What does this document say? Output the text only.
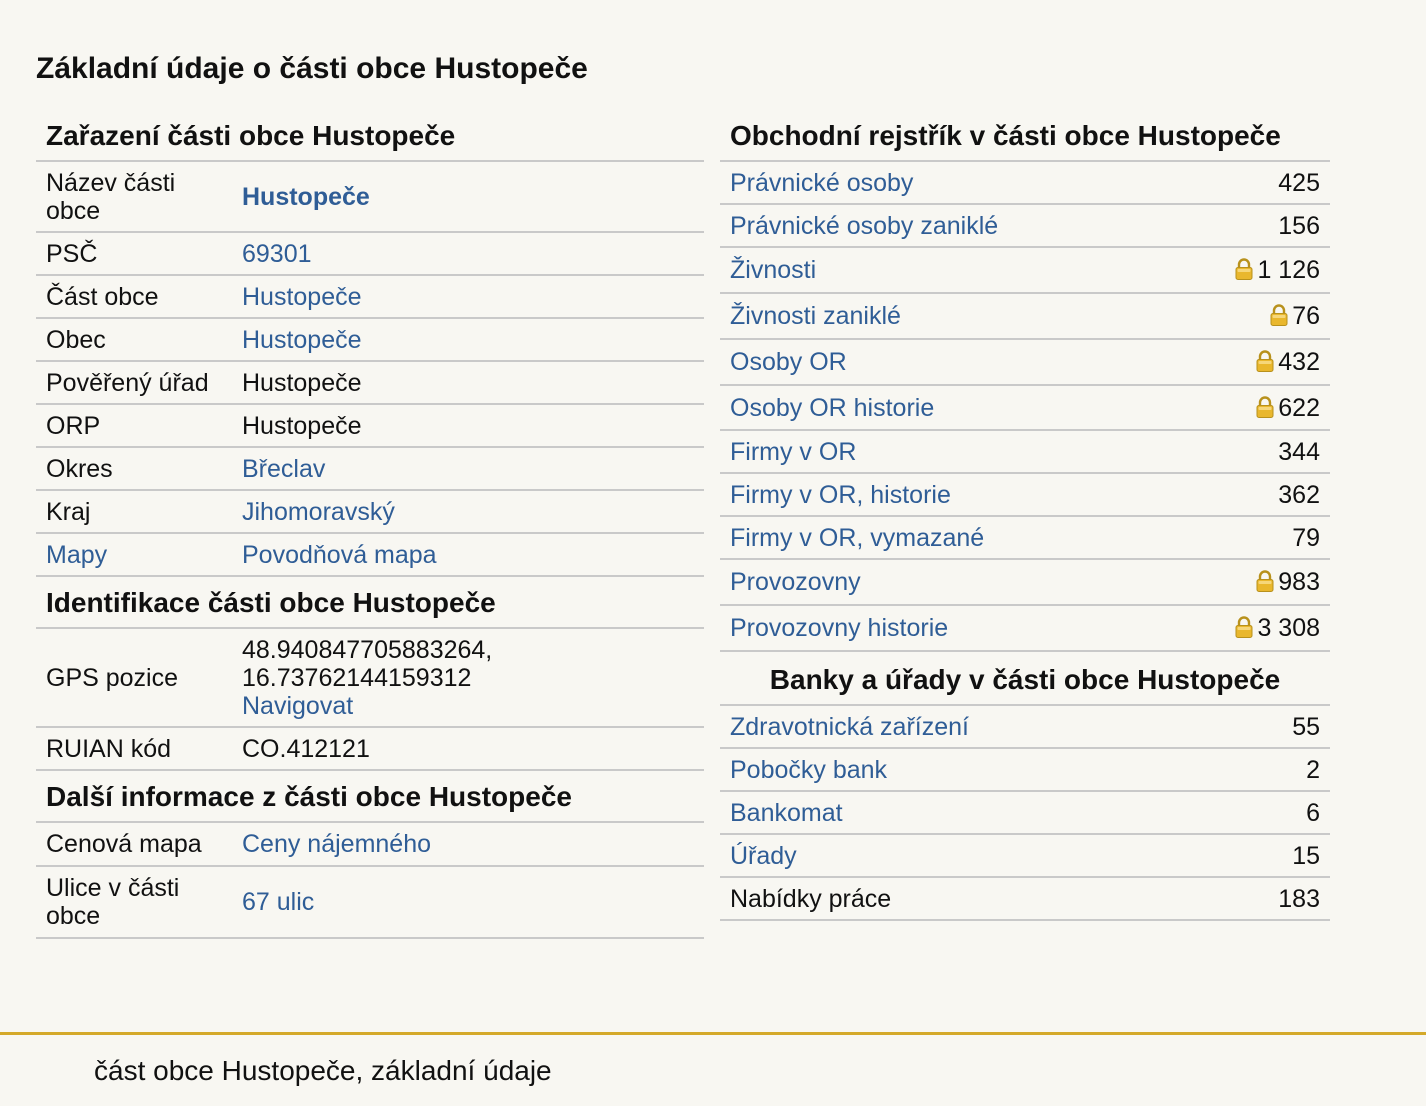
Základní údaje o části obce Hustopeče
Zařazení části obce Hustopeče
Název části obce	Hustopeče
PSČ	69301
Část obce	Hustopeče
Obec	Hustopeče
Pověřený úřad	Hustopeče
ORP	Hustopeče
Okres	Břeclav
Kraj	Jihomoravský
Mapy	Povodňová mapa
Identifikace části obce Hustopeče
GPS pozice	48.940847705883264,
16.73762144159312
Navigovat
RUIAN kód	CO.412121
Další informace z části obce Hustopeče
Cenová mapa	Ceny nájemného
Ulice v části obce	67 ulic
Obchodní rejstřík v části obce Hustopeče
Právnické osoby	425
Právnické osoby zaniklé	156
Živnosti	1 126
Živnosti zaniklé	76
Osoby OR	432
Osoby OR historie	622
Firmy v OR	344
Firmy v OR, historie	362
Firmy v OR, vymazané	79
Provozovny	983
Provozovny historie	3 308
Banky a úřady v části obce Hustopeče
Zdravotnická zařízení	55
Pobočky bank	2
Bankomat	6
Úřady	15
Nabídky práce	183
část obce Hustopeče, základní údaje
